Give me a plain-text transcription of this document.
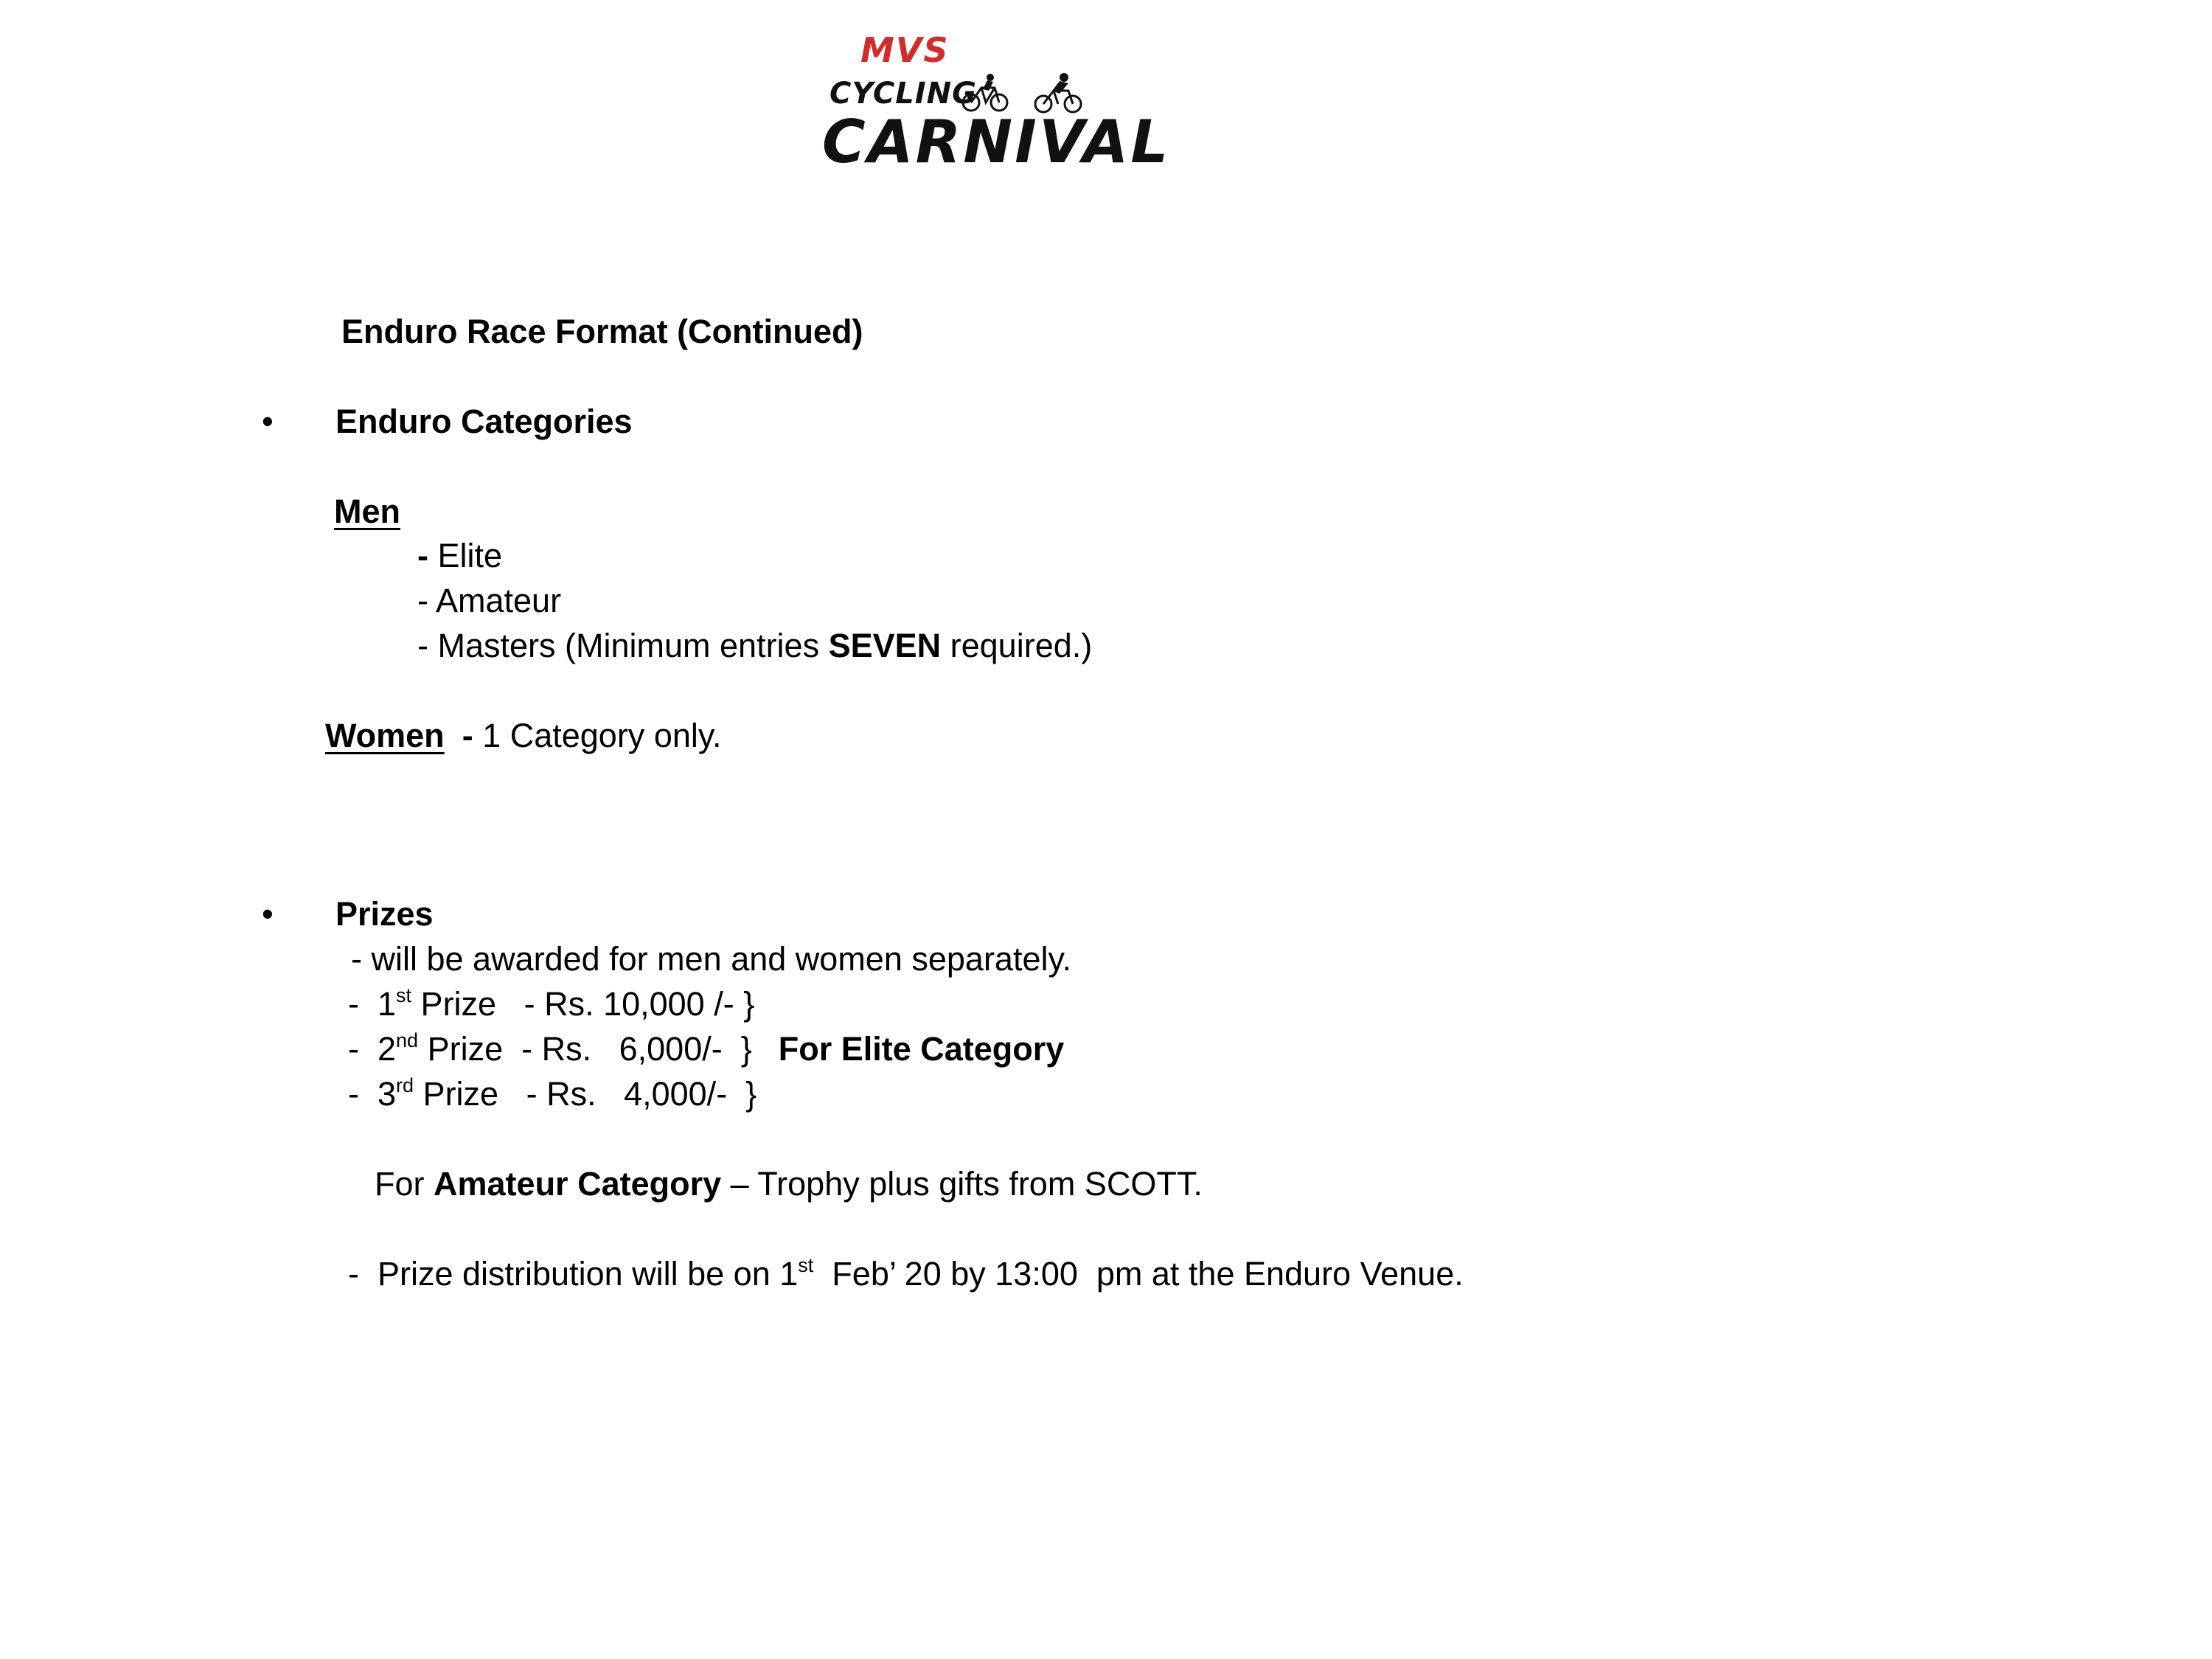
MVS
CYCLING
CARNIVAL
Enduro Race Format (Continued)
• Enduro Categories
Men
- Elite
- Amateur
- Masters (Minimum entries SEVEN required.)
Women - 1 Category only.
• Prizes
- will be awarded for men and women separately.
-  1st Prize   - Rs. 10,000 /- }
-  2nd Prize  - Rs.   6,000/-  } For Elite Category
-  3rd Prize   - Rs.   4,000/-  }
For Amateur Category – Trophy plus gifts from SCOTT.
-  Prize distribution will be on 1st  Feb’ 20 by 13:00  pm at the Enduro Venue.
